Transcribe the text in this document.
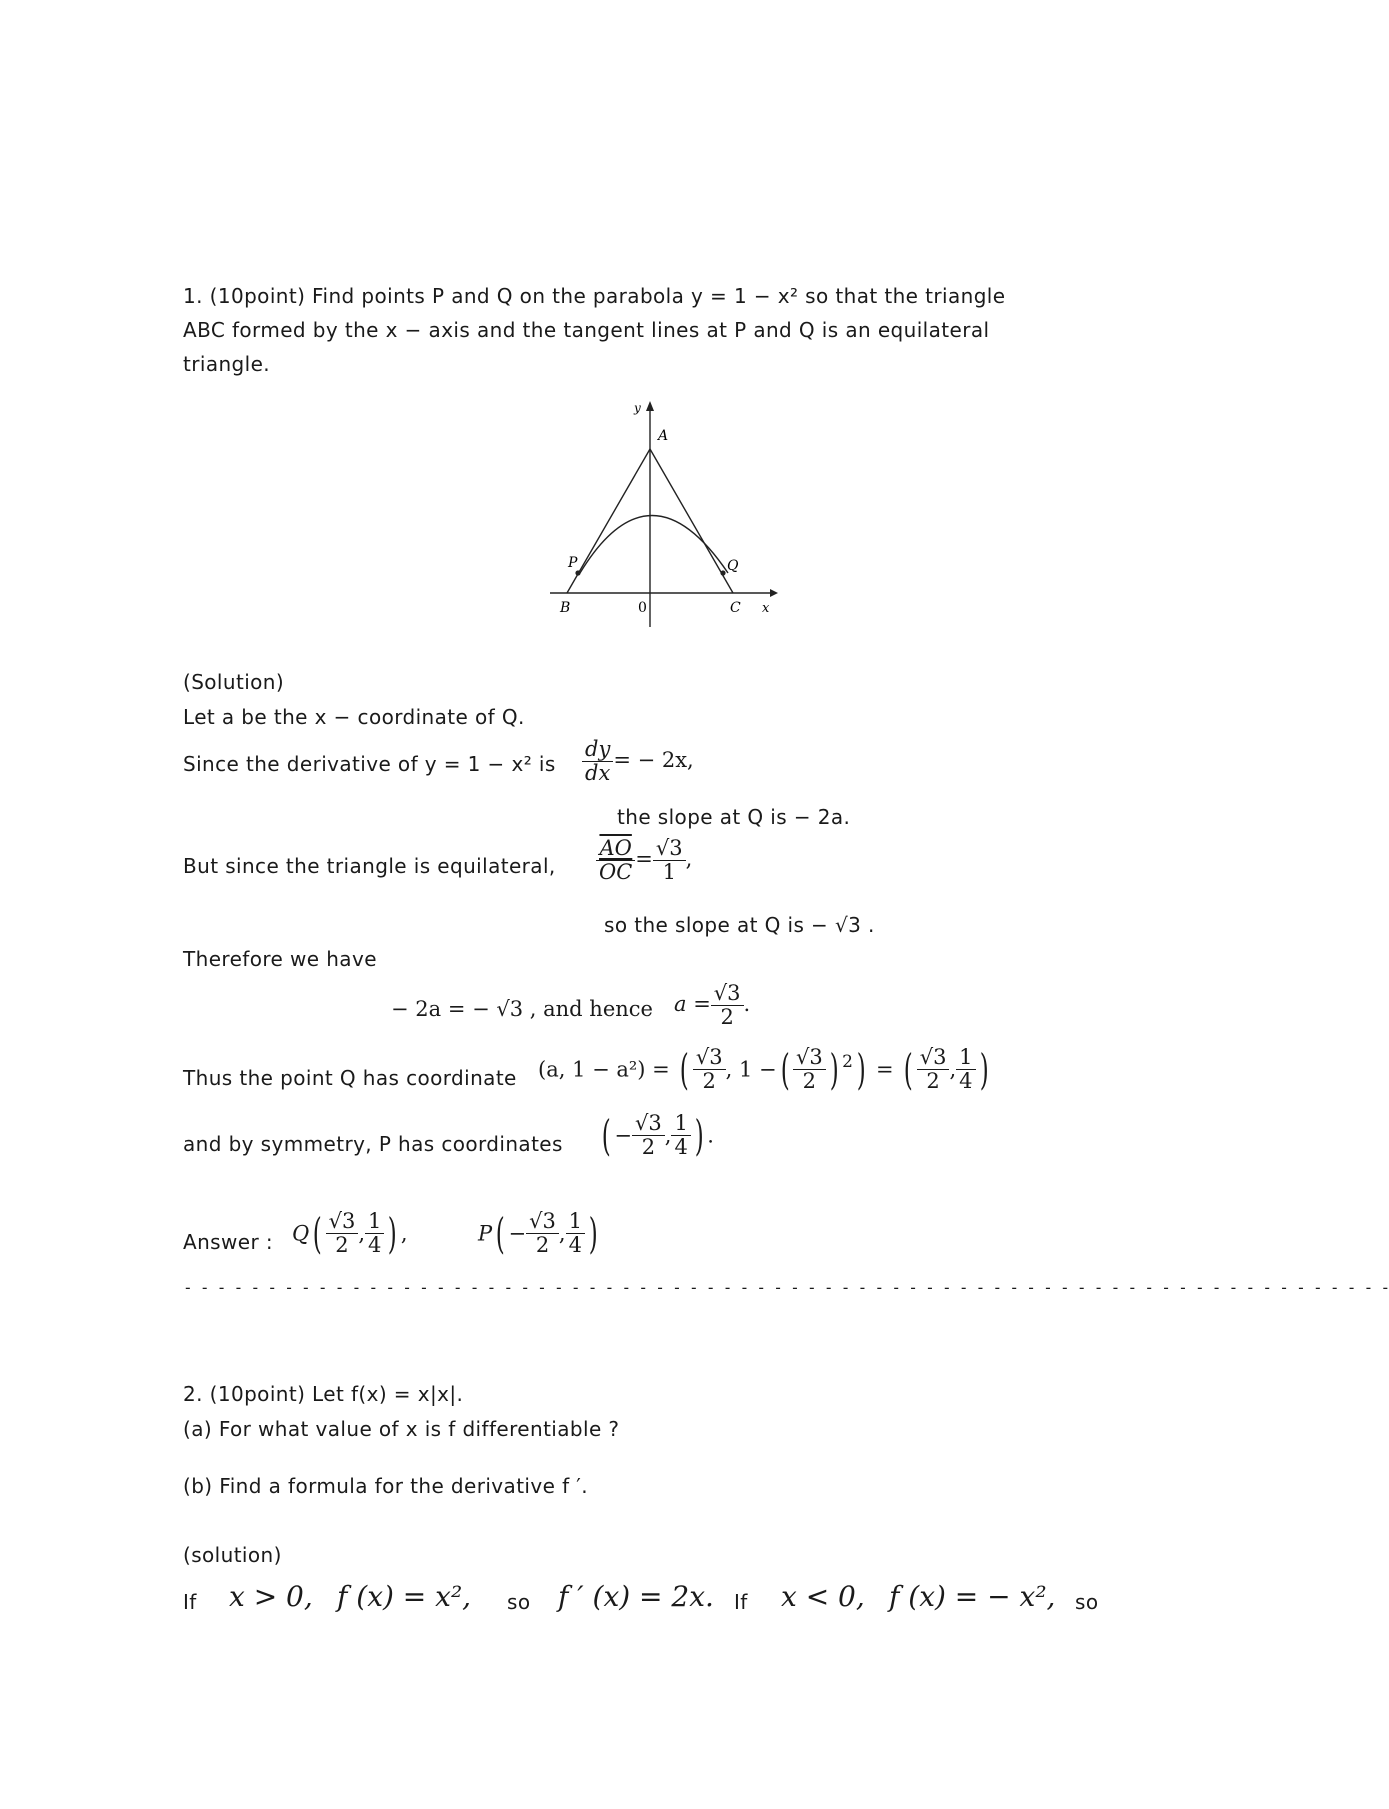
1. (10point) Find points P and Q on the parabola y = 1 − x² so that the triangle
ABC formed by the x − axis and the tangent lines at P and Q is an equilateral
triangle.
y
A
P	Q
B	0	C x
(Solution)
Let a be the x − coordinate of Q.
Since the derivative of y = 1 − x² is $\frac{dy}{dx}$ = − 2x,
the slope at Q is − 2a.
But since the triangle is equilateral, $\frac{\overline{AO}}{OC} = \frac{√3}{1}$ ,
so the slope at Q is − √3 .
Therefore we have
− 2a = − √3 , and hence $a = \frac{√3}{2}$ .
Thus the point Q has coordinate (a, 1 − a²) = ( $\frac{√3}{2}$ , 1 −( $\frac{√3}{2}$ ) $^2$) = ( $\frac{√3}{2}$ , $\frac{1}{4}$ )
and by symmetry, P has coordinates ( − $\frac{√3}{2}$ , $\frac{1}{4}$ ) .
Answer : $Q( \frac{√3}{2}$ , $\frac{1}{4}$ ) ,	$P( - \frac{√3}{2}$ , $\frac{1}{4}$ )
- - - - - - - - - - - - - - - - - - - - - - - - - - - - - - - - - - - - - - - - - - - - - - - - - - - - - - - - - - - - - - - - - - - - - - - -
2. (10point) Let f(x) = x|x|.
(a) For what value of x is f differentiable ?
(b) Find a formula for the derivative f ′.
(solution)
If x > 0, f (x) = x², so f ′ (x) = 2x. If x < 0, f (x) = − x², so
